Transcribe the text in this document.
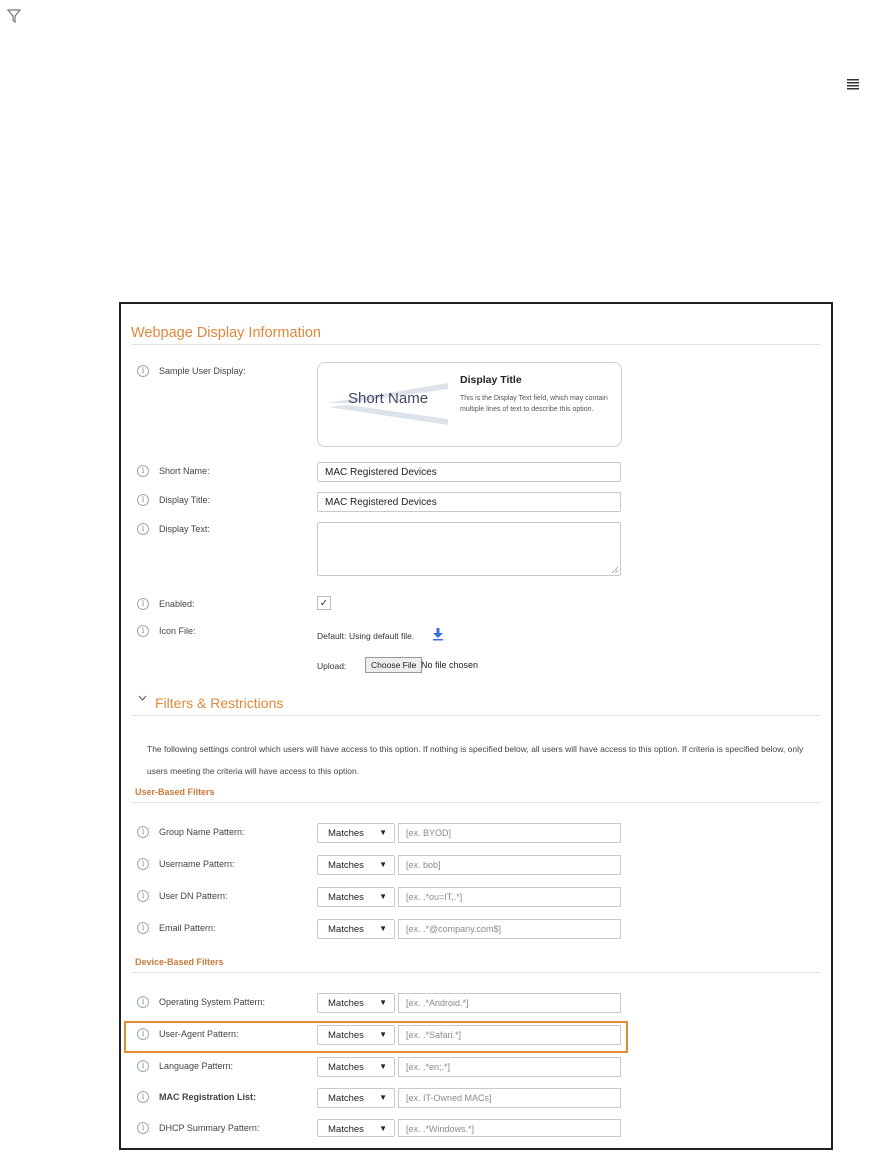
Webpage Display Information
i	Sample User Display:
Short Name
Display Title
This is the Display Text field, which may contain multiple lines of text to describe this option.
i	Short Name:	MAC Registered Devices
i	Display Title:	MAC Registered Devices
i	Display Text:
i	Enabled:	✓
i	Icon File:	Default: Using default file.
Upload:	Choose File No file chosen
Filters & Restrictions
The following settings control which users will have access to this option. If nothing is specified below, all users will have access to this option. If criteria is specified below, only users meeting the criteria will have access to this option.
User-Based Filters
i	Group Name Pattern:	Matches ▼	[ex. BYOD]
i	Username Pattern:	Matches ▼	[ex. bob]
i	User DN Pattern:	Matches ▼	[ex. .*ou=IT,.*]
i	Email Pattern:	Matches ▼	[ex. .*@company.com$]
Device-Based Filters
i	Operating System Pattern:	Matches ▼	[ex. .*Android.*]
i	User-Agent Pattern:	Matches ▼	[ex. .*Safari.*]
i	Language Pattern:	Matches ▼	[ex. .*en;.*]
i	MAC Registration List:	Matches ▼	[ex. IT-Owned MACs]
i	DHCP Summary Pattern:	Matches ▼	[ex. .*Windows.*]
